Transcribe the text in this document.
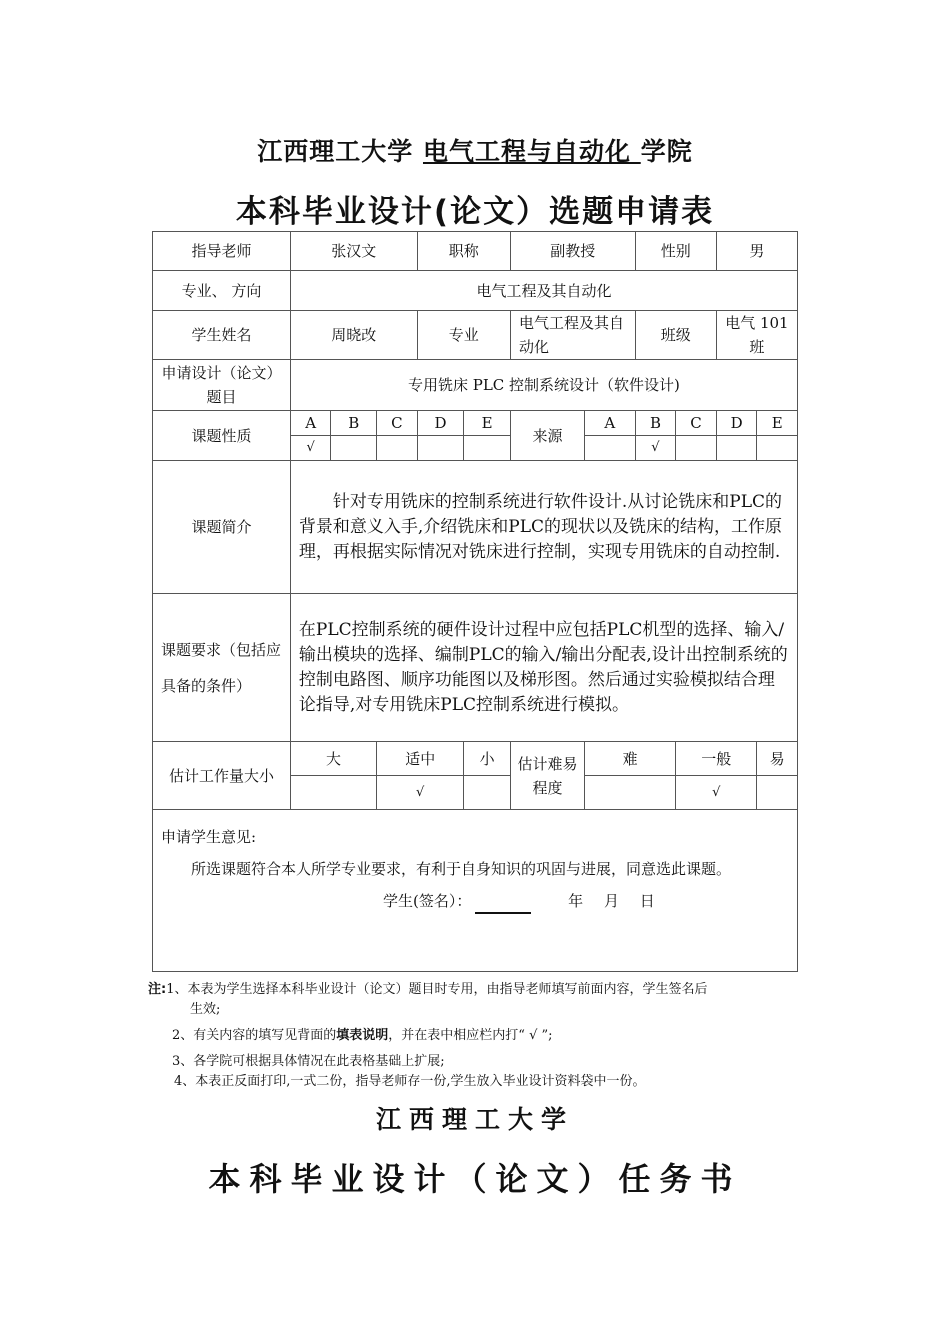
江西理工大学 电气工程与自动化 学院
本科毕业设计(论文）选题申请表
指导老师	张汉文			职称		副教授		性别		男	
专业、 方向	电气工程及其自动化										
学生姓名	周晓改			专业		电气工程及其自动化		班级		电气 101 班	
申请设计（论文）题目	专用铣床 PLC 控制系统设计（软件设计)										
课题性质	A	B	C	D	E	来源	A	B	C	D	E
	√							√			
课题简介	针对专用铣床的控制系统进行软件设计.从讨论铣床和PLC的背景和意义入手,介绍铣床和PLC的现状以及铣床的结构，工作原理，再根据实际情况对铣床进行控制，实现专用铣床的自动控制.										

课题要求（包括应具备的条件）	在PLC控制系统的硬件设计过程中应包括PLC机型的选择、输入/输出模块的选择、编制PLC的输入/输出分配表,设计出控制系统的控制电路图、顺序功能图以及梯形图。然后通过实验模拟结合理论指导,对专用铣床PLC控制系统进行模拟。										

估计工作量大小	大		适中		小	估计难易程度	难		一般		易
			√						√		

申请学生意见:
所选课题符合本人所学专业要求，有利于自身知识的巩固与进展，同意选此课题。
学生(签名）： 年 月 日											
注:1、本表为学生选择本科毕业设计（论文）题目时专用，由指导老师填写前面内容，学生签名后
生效;
2、有关内容的填写见背面的填表说明，并在表中相应栏内打“ √ ”;
3、各学院可根据具体情况在此表格基础上扩展;
4、本表正反面打印,一式二份，指导老师存一份,学生放入毕业设计资料袋中一份。
江西理工大学
本科毕业设计（论文）任务书
